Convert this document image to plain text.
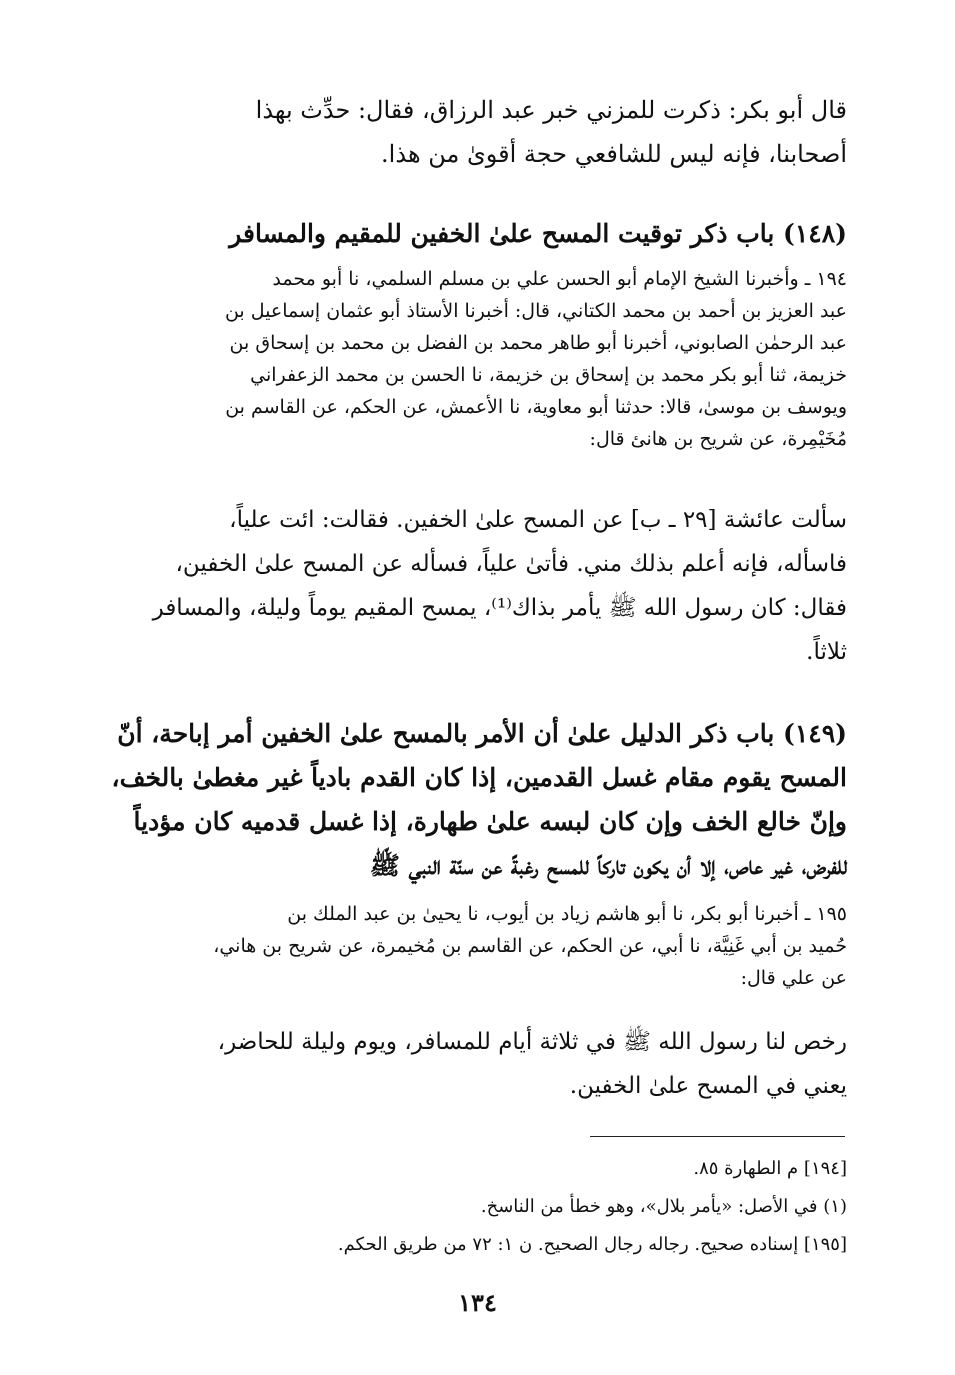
قال أبو بكر: ذكرت للمزني خبر عبد الرزاق، فقال: حدِّث بهذا
أصحابنا، فإنه ليس للشافعي حجة أقوىٰ من هذا.
(١٤٨) باب ذكر توقيت المسح علىٰ الخفين للمقيم والمسافر
١٩٤ ـ وأخبرنا الشيخ الإمام أبو الحسن علي بن مسلم السلمي، نا أبو محمد
عبد العزيز بن أحمد بن محمد الكتاني، قال: أخبرنا الأستاذ أبو عثمان إسماعيل بن
عبد الرحمٰن الصابوني، أخبرنا أبو طاهر محمد بن الفضل بن محمد بن إسحاق بن
خزيمة، ثنا أبو بكر محمد بن إسحاق بن خزيمة، نا الحسن بن محمد الزعفراني
ويوسف بن موسىٰ، قالا: حدثنا أبو معاوية، نا الأعمش، عن الحكم، عن القاسم بن
مُخَيْمِرة، عن شريح بن هانئ قال:
سألت عائشة [٢٩ ـ ب] عن المسح علىٰ الخفين. فقالت: ائت علياً،
فاسأله، فإنه أعلم بذلك مني. فأتىٰ علياً، فسأله عن المسح علىٰ الخفين،
فقال: كان رسول الله ﷺ يأمر بذاك⁽¹⁾، يمسح المقيم يوماً وليلة، والمسافر
ثلاثاً.
(١٤٩) باب ذكر الدليل علىٰ أن الأمر بالمسح علىٰ الخفين أمر إباحة، أنّ
المسح يقوم مقام غسل القدمين، إذا كان القدم بادياً غير مغطىٰ بالخف،
وإنّ خالع الخف وإن كان لبسه علىٰ طهارة، إذا غسل قدميه كان مؤدياً
للفرض، غير عاص، إلا أن يكون تاركاً للمسح رغبةً عن سنّة النبي ﷺ
١٩٥ ـ أخبرنا أبو بكر، نا أبو هاشم زياد بن أيوب، نا يحيىٰ بن عبد الملك بن
حُميد بن أبي غَنِيَّة، نا أبي، عن الحكم، عن القاسم بن مُخيمرة، عن شريح بن هاني،
عن علي قال:
رخص لنا رسول الله ﷺ في ثلاثة أيام للمسافر، ويوم وليلة للحاضر،
يعني في المسح علىٰ الخفين.
[١٩٤] م الطهارة ٨٥.
(١) في الأصل: «يأمر بلال»، وهو خطأ من الناسخ.
[١٩٥] إسناده صحيح. رجاله رجال الصحيح. ن ١: ٧٢ من طريق الحكم.
١٣٤
